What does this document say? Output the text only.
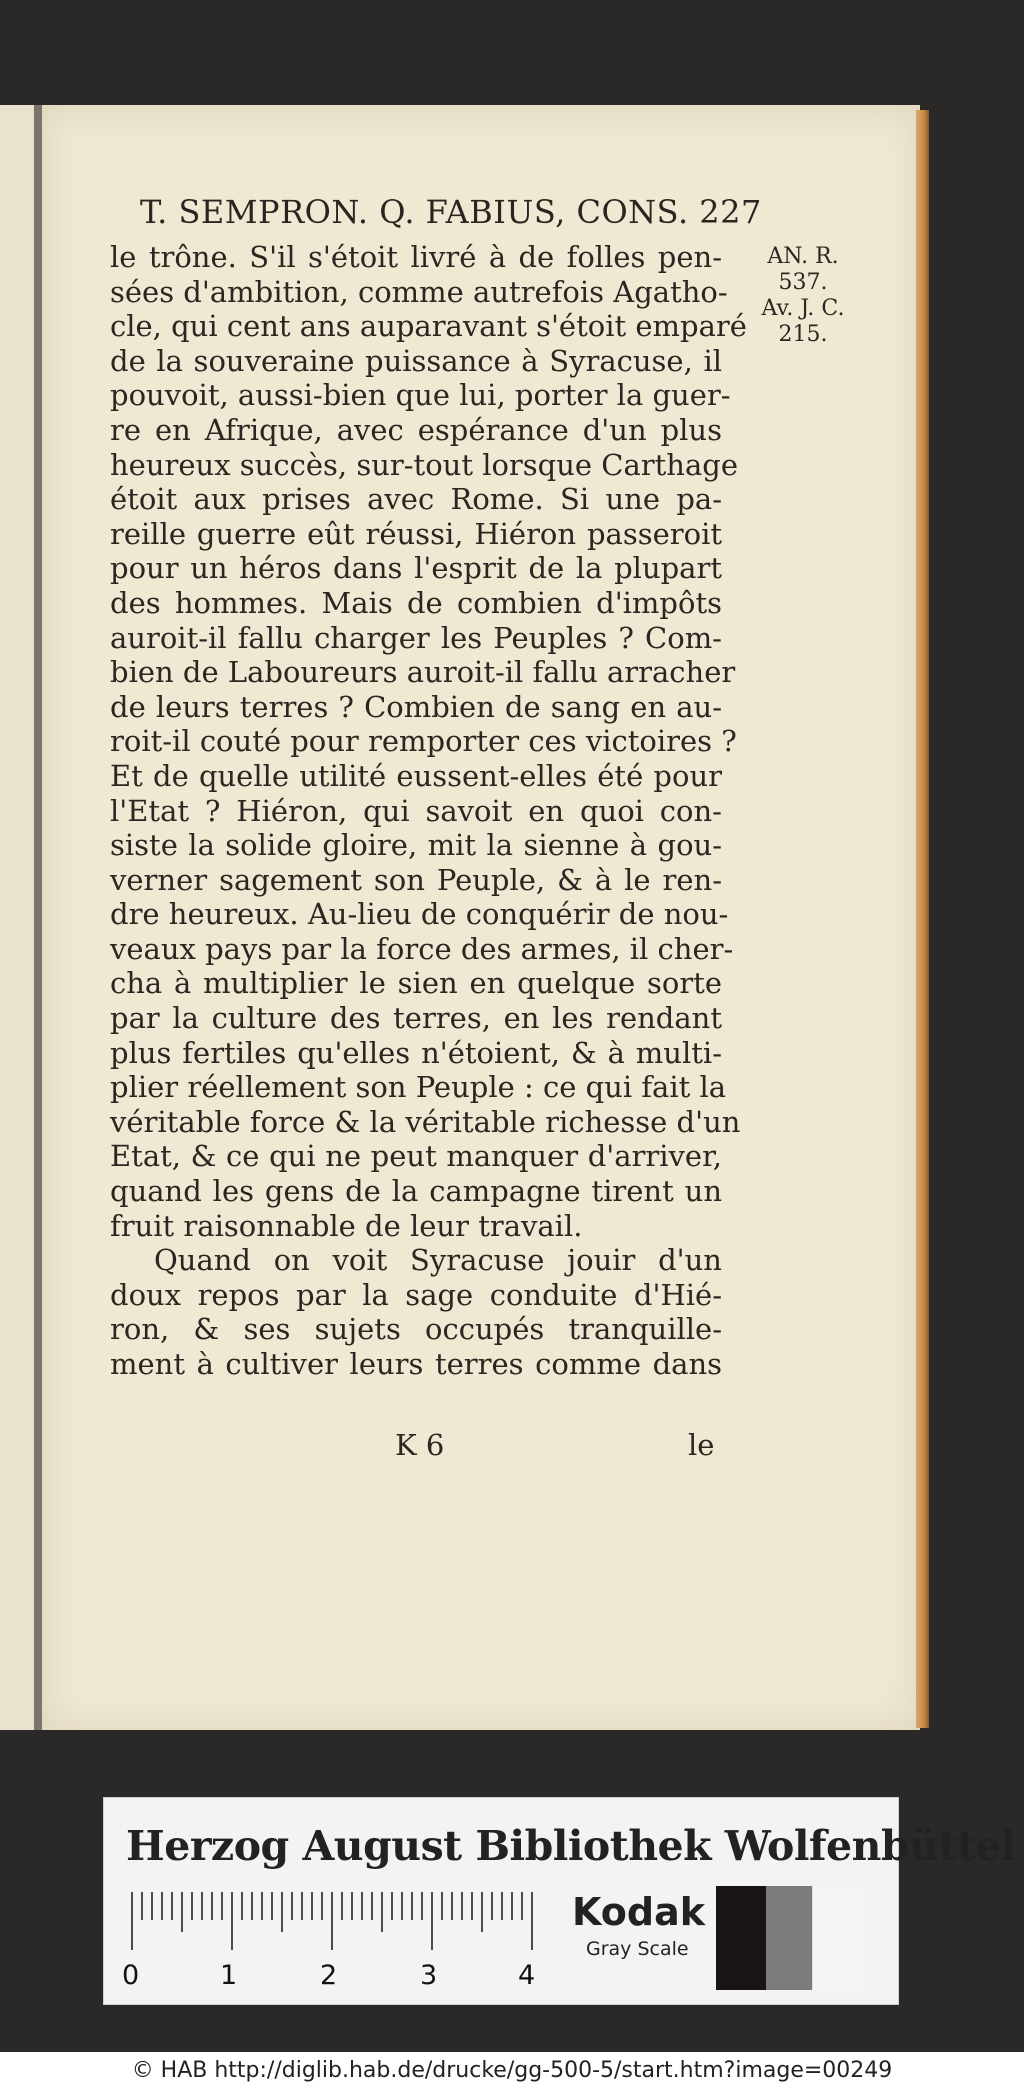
T. SEMPRON. Q. FABIUS, CONS. 227
AN. R.
537.
Av. J. C.
215.
le trône. S'il s'étoit livré à de folles pen-
sées d'ambition, comme autrefois Agatho-
cle, qui cent ans auparavant s'étoit emparé
de la souveraine puissance à Syracuse, il
pouvoit, aussi-bien que lui, porter la guer-
re en Afrique, avec espérance d'un plus
heureux succès, sur-tout lorsque Carthage
étoit aux prises avec Rome. Si une pa-
reille guerre eût réussi, Hiéron passeroit
pour un héros dans l'esprit de la plupart
des hommes. Mais de combien d'impôts
auroit-il fallu charger les Peuples ? Com-
bien de Laboureurs auroit-il fallu arracher
de leurs terres ? Combien de sang en au-
roit-il couté pour remporter ces victoires ?
Et de quelle utilité eussent-elles été pour
l'Etat ? Hiéron, qui savoit en quoi con-
siste la solide gloire, mit la sienne à gou-
verner sagement son Peuple, & à le ren-
dre heureux. Au-lieu de conquérir de nou-
veaux pays par la force des armes, il cher-
cha à multiplier le sien en quelque sorte
par la culture des terres, en les rendant
plus fertiles qu'elles n'étoient, & à multi-
plier réellement son Peuple : ce qui fait la
véritable force & la véritable richesse d'un
Etat, & ce qui ne peut manquer d'arriver,
quand les gens de la campagne tirent un
fruit raisonnable de leur travail.
Quand on voit Syracuse jouir d'un
doux repos par la sage conduite d'Hié-
ron, & ses sujets occupés tranquille-
ment à cultiver leurs terres comme dans
K 6	le
Herzog August Bibliothek Wolfenbüttel
0	1	2	3	4
Kodak
Gray Scale
© HAB http://diglib.hab.de/drucke/gg-500-5/start.htm?image=00249
